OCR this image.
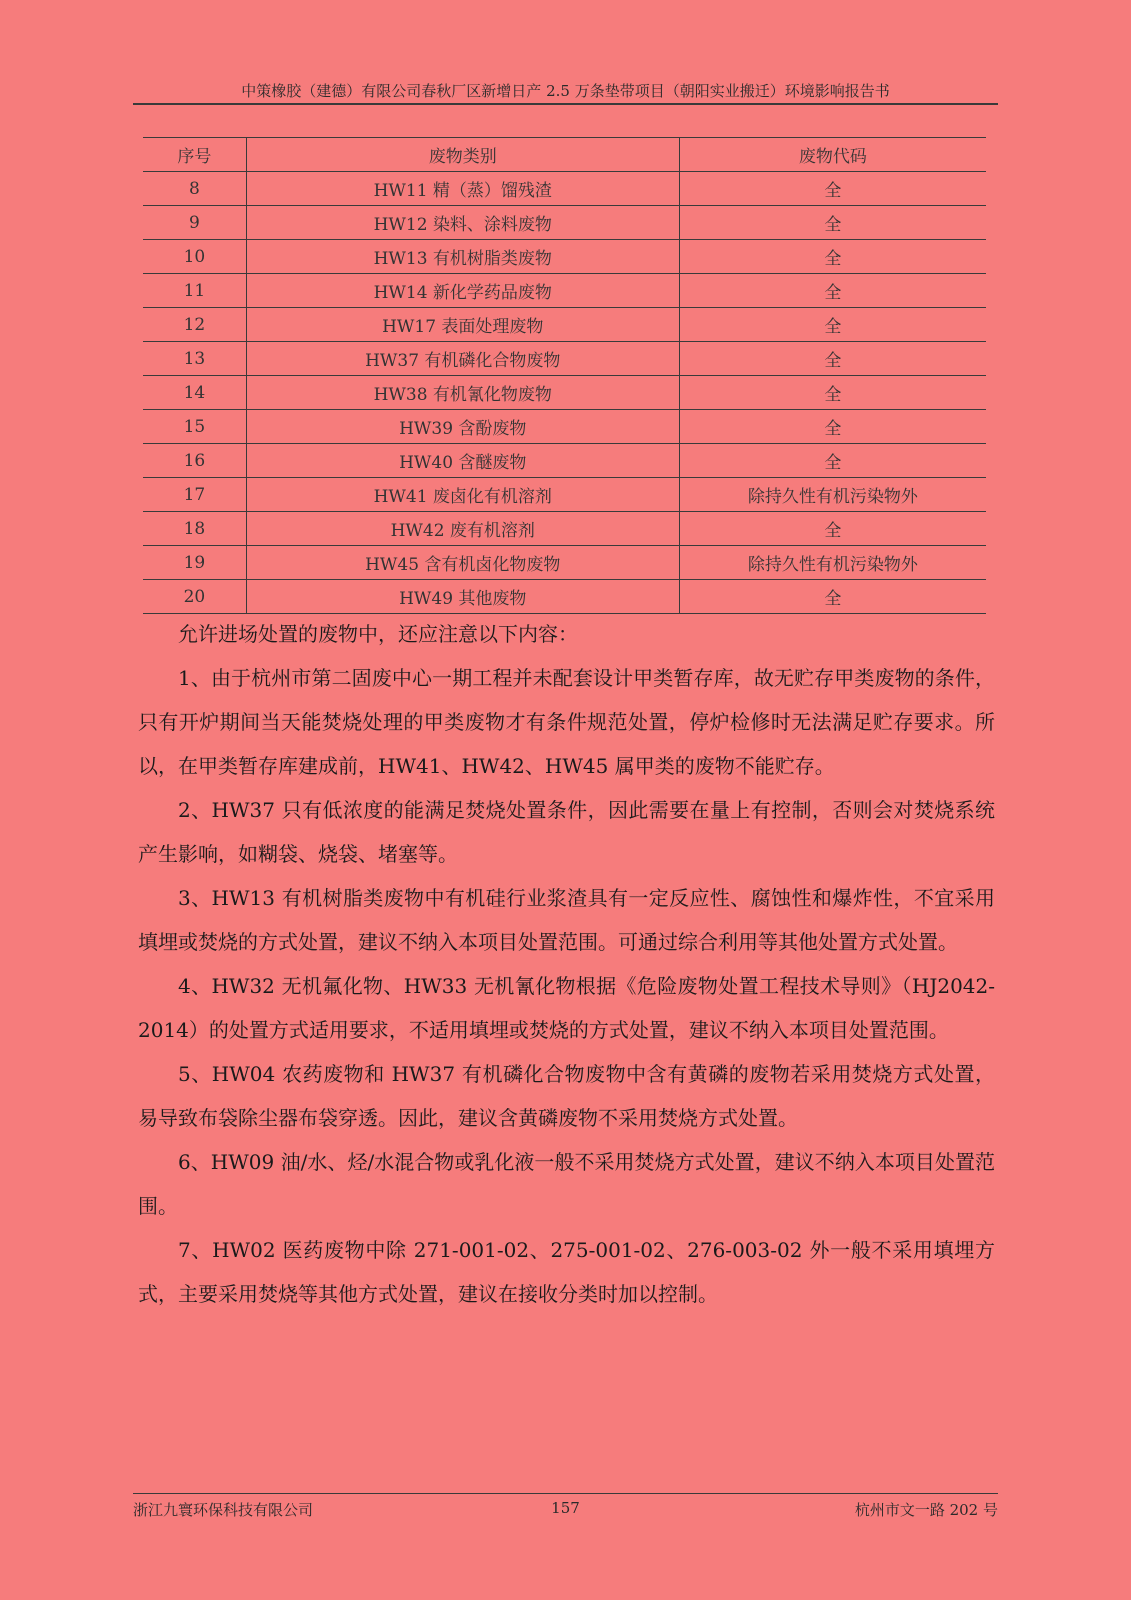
中策橡胶（建德）有限公司春秋厂区新增日产 2.5 万条垫带项目（朝阳实业搬迁）环境影响报告书
序号	废物类别	废物代码
8	HW11 精（蒸）馏残渣	全
9	HW12 染料、涂料废物	全
10	HW13 有机树脂类废物	全
11	HW14 新化学药品废物	全
12	HW17 表面处理废物	全
13	HW37 有机磷化合物废物	全
14	HW38 有机氰化物废物	全
15	HW39 含酚废物	全
16	HW40 含醚废物	全
17	HW41 废卤化有机溶剂	除持久性有机污染物外
18	HW42 废有机溶剂	全
19	HW45 含有机卤化物废物	除持久性有机污染物外
20	HW49 其他废物	全

允许进场处置的废物中，还应注意以下内容：

1、由于杭州市第二固废中心一期工程并未配套设计甲类暂存库，故无贮存甲类废物的条件，只有开炉期间当天能焚烧处理的甲类废物才有条件规范处置，停炉检修时无法满足贮存要求。所以，在甲类暂存库建成前，HW41、HW42、HW45 属甲类的废物不能贮存。

2、HW37 只有低浓度的能满足焚烧处置条件，因此需要在量上有控制，否则会对焚烧系统产生影响，如糊袋、烧袋、堵塞等。

3、HW13 有机树脂类废物中有机硅行业浆渣具有一定反应性、腐蚀性和爆炸性，不宜采用填埋或焚烧的方式处置，建议不纳入本项目处置范围。可通过综合利用等其他处置方式处置。

4、HW32 无机氟化物、HW33 无机氰化物根据《危险废物处置工程技术导则》（HJ2042-2014）的处置方式适用要求，不适用填埋或焚烧的方式处置，建议不纳入本项目处置范围。

5、HW04 农药废物和 HW37 有机磷化合物废物中含有黄磷的废物若采用焚烧方式处置，易导致布袋除尘器布袋穿透。因此，建议含黄磷废物不采用焚烧方式处置。

6、HW09 油/水、烃/水混合物或乳化液一般不采用焚烧方式处置，建议不纳入本项目处置范围。

7、HW02 医药废物中除 271-001-02、275-001-02、276-003-02 外一般不采用填埋方式，主要采用焚烧等其他方式处置，建议在接收分类时加以控制。

浙江九寰环保科技有限公司	157	杭州市文一路 202 号
